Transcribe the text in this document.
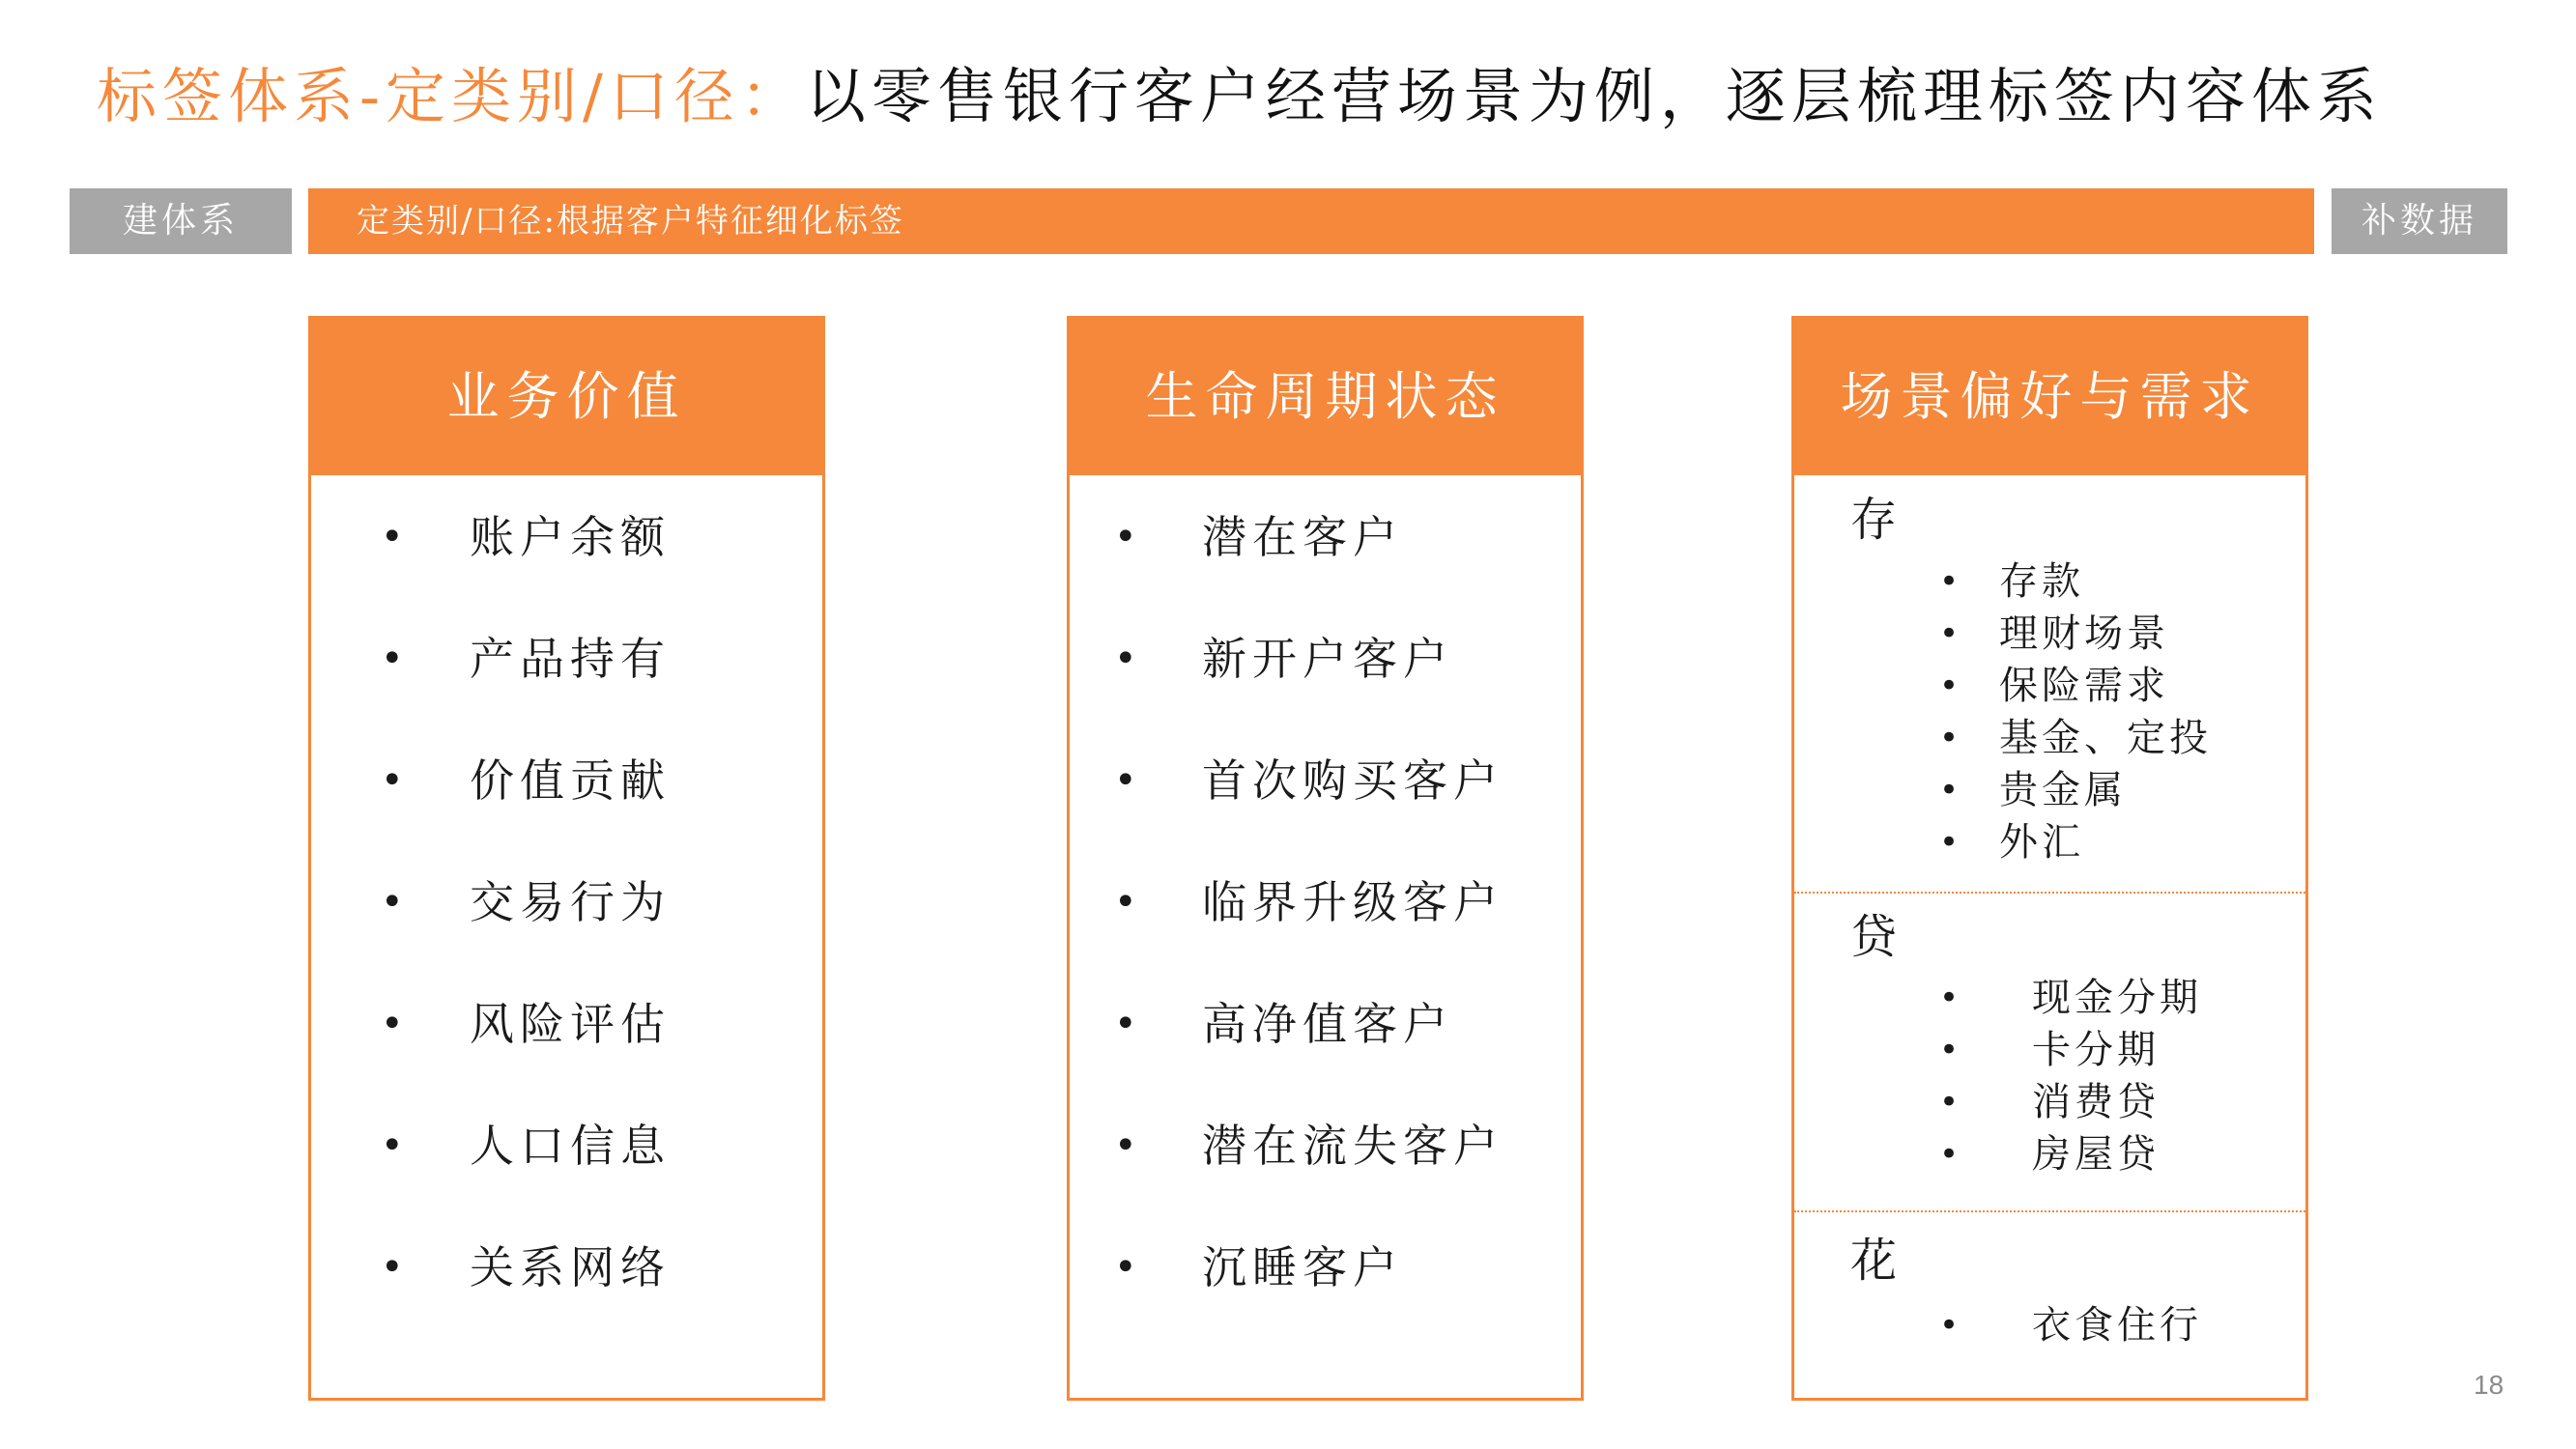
标签体系-定类别/口径：以零售银行客户经营场景为例，逐层梳理标签内容体系
建体系	定类别/口径:根据客户特征细化标签	补数据
业务价值
• 账户余额
• 产品持有
• 价值贡献
• 交易行为
• 风险评估
• 人口信息
• 关系网络
生命周期状态
• 潜在客户
• 新开户客户
• 首次购买客户
• 临界升级客户
• 高净值客户
• 潜在流失客户
• 沉睡客户
场景偏好与需求
存
• 存款
• 理财场景
• 保险需求
• 基金、定投
• 贵金属
• 外汇
贷
• 现金分期
• 卡分期
• 消费贷
• 房屋贷
花
• 衣食住行
18
